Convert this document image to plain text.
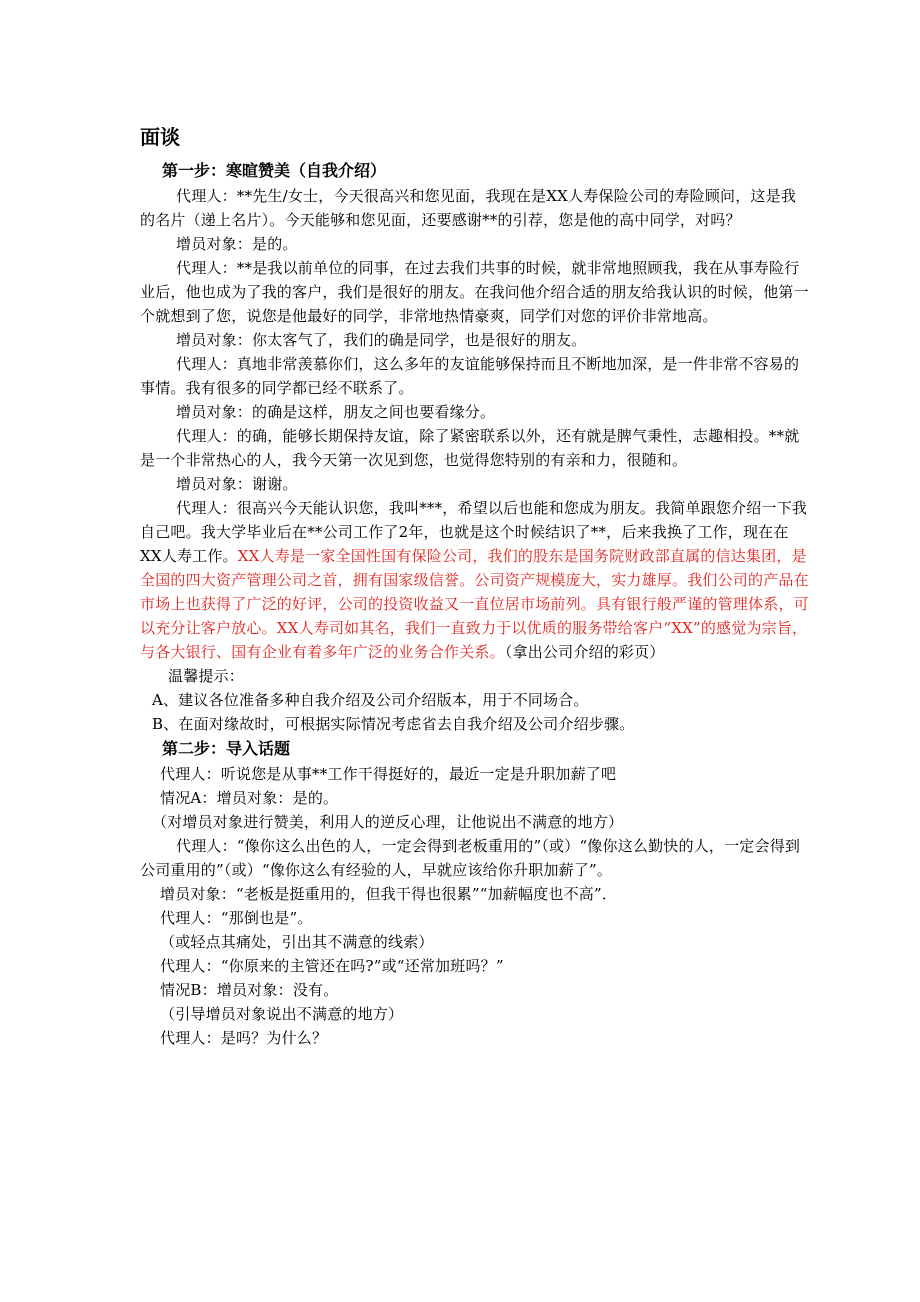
面谈
第一步：寒暄赞美（自我介绍）

代理人：**先生/女士，今天很高兴和您见面，我现在是XX人寿保险公司的寿险顾问，这是我的名片（递上名片）。今天能够和您见面，还要感谢**的引荐，您是他的高中同学，对吗？

增员对象：是的。

代理人：**是我以前单位的同事，在过去我们共事的时候，就非常地照顾我，我在从事寿险行业后，他也成为了我的客户，我们是很好的朋友。在我问他介绍合适的朋友给我认识的时候，他第一个就想到了您，说您是他最好的同学，非常地热情豪爽，同学们对您的评价非常地高。

增员对象：你太客气了，我们的确是同学，也是很好的朋友。

代理人：真地非常羡慕你们，这么多年的友谊能够保持而且不断地加深，是一件非常不容易的事情。我有很多的同学都已经不联系了。

增员对象：的确是这样，朋友之间也要看缘分。

代理人：的确，能够长期保持友谊，除了紧密联系以外，还有就是脾气秉性，志趣相投。**就是一个非常热心的人，我今天第一次见到您，也觉得您特别的有亲和力，很随和。

增员对象：谢谢。

代理人：很高兴今天能认识您，我叫***，希望以后也能和您成为朋友。我简单跟您介绍一下我自己吧。我大学毕业后在**公司工作了2年，也就是这个时候结识了**，后来我换了工作，现在在XX人寿工作。XX人寿是一家全国性国有保险公司，我们的股东是国务院财政部直属的信达集团，是全国的四大资产管理公司之首，拥有国家级信誉。公司资产规模庞大，实力雄厚。我们公司的产品在市场上也获得了广泛的好评，公司的投资收益又一直位居市场前列。具有银行般严谨的管理体系，可以充分让客户放心。XX人寿司如其名，我们一直致力于以优质的服务带给客户“XX”的感觉为宗旨，与各大银行、国有企业有着多年广泛的业务合作关系。（拿出公司介绍的彩页）

温馨提示：

A、建议各位准备多种自我介绍及公司介绍版本，用于不同场合。

B、在面对缘故时，可根据实际情况考虑省去自我介绍及公司介绍步骤。

第二步：导入话题

代理人：听说您是从事**工作干得挺好的，最近一定是升职加薪了吧

情况A：增员对象：是的。

（对增员对象进行赞美，利用人的逆反心理，让他说出不满意的地方）

代理人：“像你这么出色的人，一定会得到老板重用的”（或）“像你这么勤快的人，一定会得到公司重用的”（或）“像你这么有经验的人，早就应该给你升职加薪了”。

增员对象：“老板是挺重用的，但我干得也很累”“加薪幅度也不高”．

代理人：“那倒也是”。

（或轻点其痛处，引出其不满意的线索）

代理人：“你原来的主管还在吗?”或“还常加班吗？”

情况B：增员对象：没有。

（引导增员对象说出不满意的地方）

代理人：是吗？为什么？
